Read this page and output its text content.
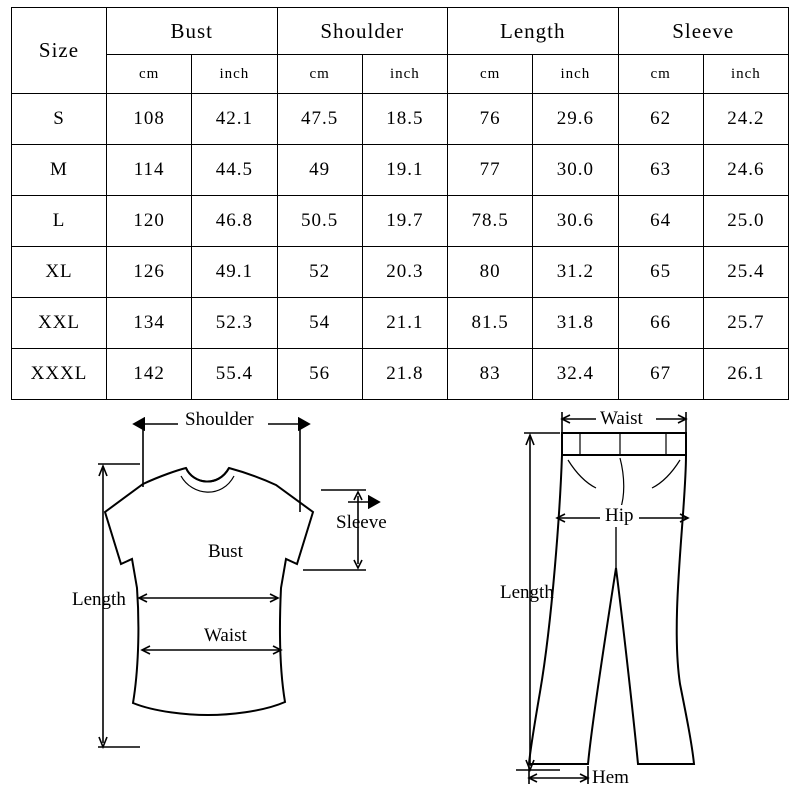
Size	Bust		Shoulder		Length		Sleeve	
	cm	inch	cm	inch	cm	inch	cm	inch
S	108	42.1	47.5	18.5	76	29.6	62	24.2
M	114	44.5	49	19.1	77	30.0	63	24.6
L	120	46.8	50.5	19.7	78.5	30.6	64	25.0
XL	126	49.1	52	20.3	80	31.2	65	25.4
XXL	134	52.3	54	21.1	81.5	31.8	66	25.7
XXXL	142	55.4	56	21.8	83	32.4	67	26.1
Shoulder
Sleeve
Bust
Waist
Length
Waist
Hip
Length
Hem
